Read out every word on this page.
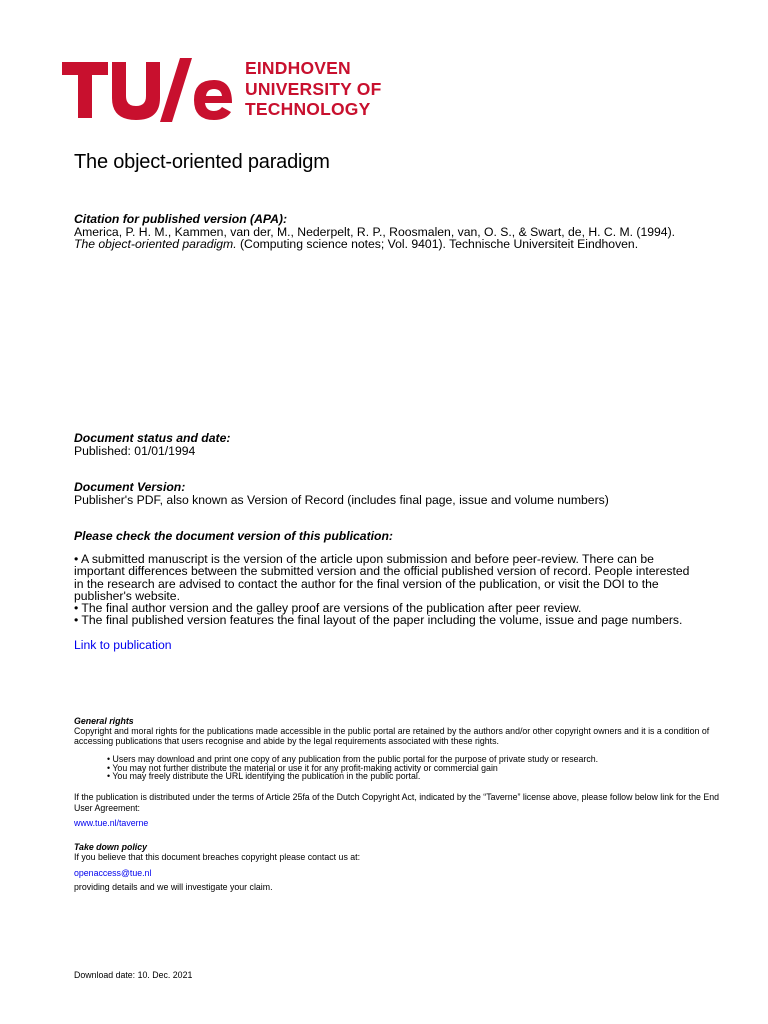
EINDHOVEN
UNIVERSITY OF
TECHNOLOGY
The object-oriented paradigm
Citation for published version (APA):
America, P. H. M., Kammen, van der, M., Nederpelt, R. P., Roosmalen, van, O. S., & Swart, de, H. C. M. (1994).
The object-oriented paradigm. (Computing science notes; Vol. 9401). Technische Universiteit Eindhoven.
Document status and date:
Published: 01/01/1994
Document Version:
Publisher's PDF, also known as Version of Record (includes final page, issue and volume numbers)
Please check the document version of this publication:
• A submitted manuscript is the version of the article upon submission and before peer-review. There can be important differences between the submitted version and the official published version of record. People interested in the research are advised to contact the author for the final version of the publication, or visit the DOI to the publisher's website.
• The final author version and the galley proof are versions of the publication after peer review.
• The final published version features the final layout of the paper including the volume, issue and page numbers.
Link to publication
General rights
Copyright and moral rights for the publications made accessible in the public portal are retained by the authors and/or other copyright owners and it is a condition of accessing publications that users recognise and abide by the legal requirements associated with these rights.
• Users may download and print one copy of any publication from the public portal for the purpose of private study or research.
• You may not further distribute the material or use it for any profit-making activity or commercial gain
• You may freely distribute the URL identifying the publication in the public portal.
If the publication is distributed under the terms of Article 25fa of the Dutch Copyright Act, indicated by the “Taverne” license above, please follow below link for the End User Agreement:
www.tue.nl/taverne
Take down policy
If you believe that this document breaches copyright please contact us at:
openaccess@tue.nl
providing details and we will investigate your claim.
Download date: 10. Dec. 2021
